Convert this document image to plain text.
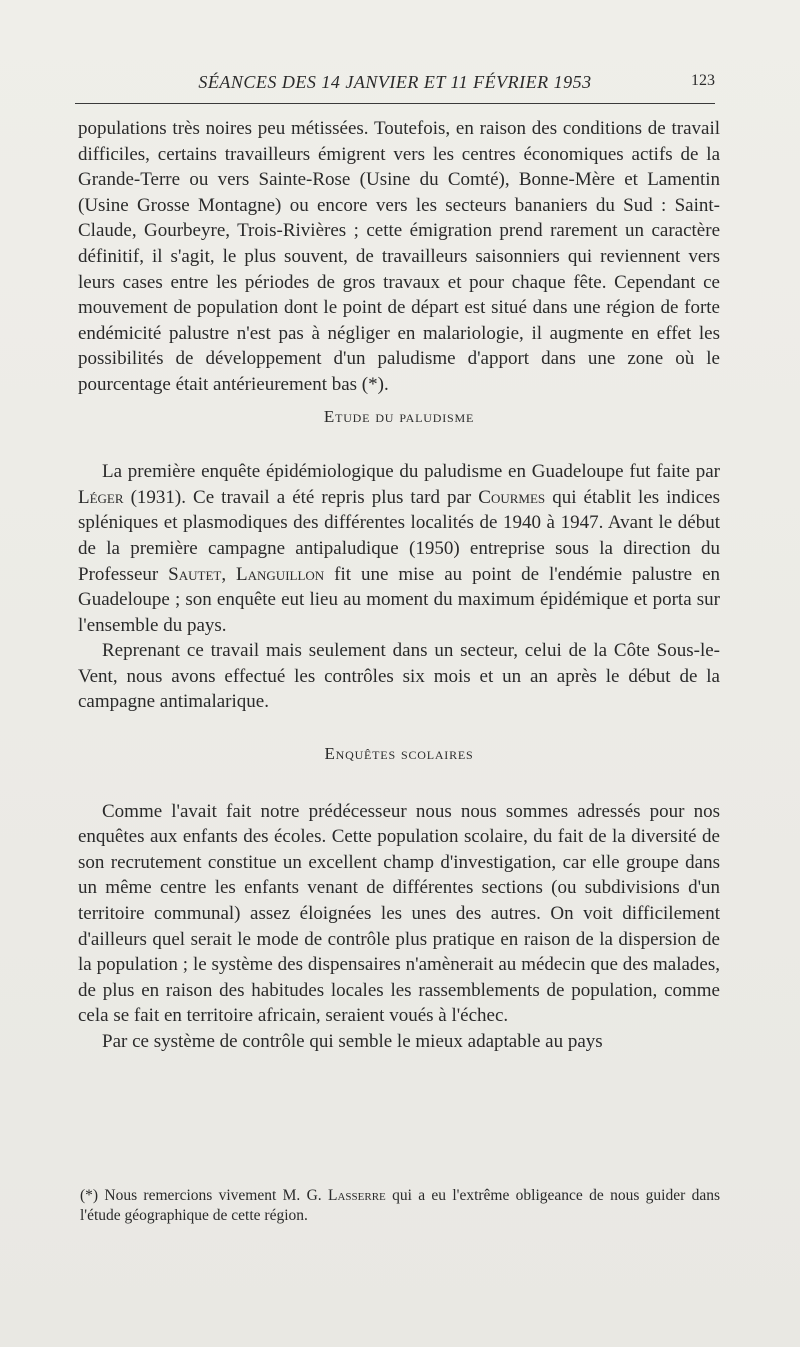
SÉANCES DES 14 JANVIER ET 11 FÉVRIER 1953	123

populations très noires peu métissées. Toutefois, en raison des conditions de travail difficiles, certains travailleurs émigrent vers les centres économiques actifs de la Grande-Terre ou vers Sainte-Rose (Usine du Comté), Bonne-Mère et Lamentin (Usine Grosse Montagne) ou encore vers les secteurs bananiers du Sud : Saint-Claude, Gourbeyre, Trois-Rivières ; cette émigration prend rarement un caractère définitif, il s'agit, le plus souvent, de travailleurs saisonniers qui reviennent vers leurs cases entre les périodes de gros travaux et pour chaque fête. Cependant ce mouvement de population dont le point de départ est situé dans une région de forte endémicité palustre n'est pas à négliger en malariologie, il augmente en effet les possibilités de développement d'un paludisme d'apport dans une zone où le pourcentage était antérieurement bas (*).

Etude du paludisme

La première enquête épidémiologique du paludisme en Guadeloupe fut faite par Léger (1931). Ce travail a été repris plus tard par Courmes qui établit les indices spléniques et plasmodiques des différentes localités de 1940 à 1947. Avant le début de la première campagne antipaludique (1950) entreprise sous la direction du Professeur Sautet, Languillon fit une mise au point de l'endémie palustre en Guadeloupe ; son enquête eut lieu au moment du maximum épidémique et porta sur l'ensemble du pays.

Reprenant ce travail mais seulement dans un secteur, celui de la Côte Sous-le-Vent, nous avons effectué les contrôles six mois et un an après le début de la campagne antimalarique.

Enquêtes scolaires

Comme l'avait fait notre prédécesseur nous nous sommes adressés pour nos enquêtes aux enfants des écoles. Cette population scolaire, du fait de la diversité de son recrutement constitue un excellent champ d'investigation, car elle groupe dans un même centre les enfants venant de différentes sections (ou subdivisions d'un territoire communal) assez éloignées les unes des autres. On voit difficilement d'ailleurs quel serait le mode de contrôle plus pratique en raison de la dispersion de la population ; le système des dispensaires n'amènerait au médecin que des malades, de plus en raison des habitudes locales les rassemblements de population, comme cela se fait en territoire africain, seraient voués à l'échec.

Par ce système de contrôle qui semble le mieux adaptable au pays

(*) Nous remercions vivement M. G. Lasserre qui a eu l'extrême obligeance de nous guider dans l'étude géographique de cette région.
